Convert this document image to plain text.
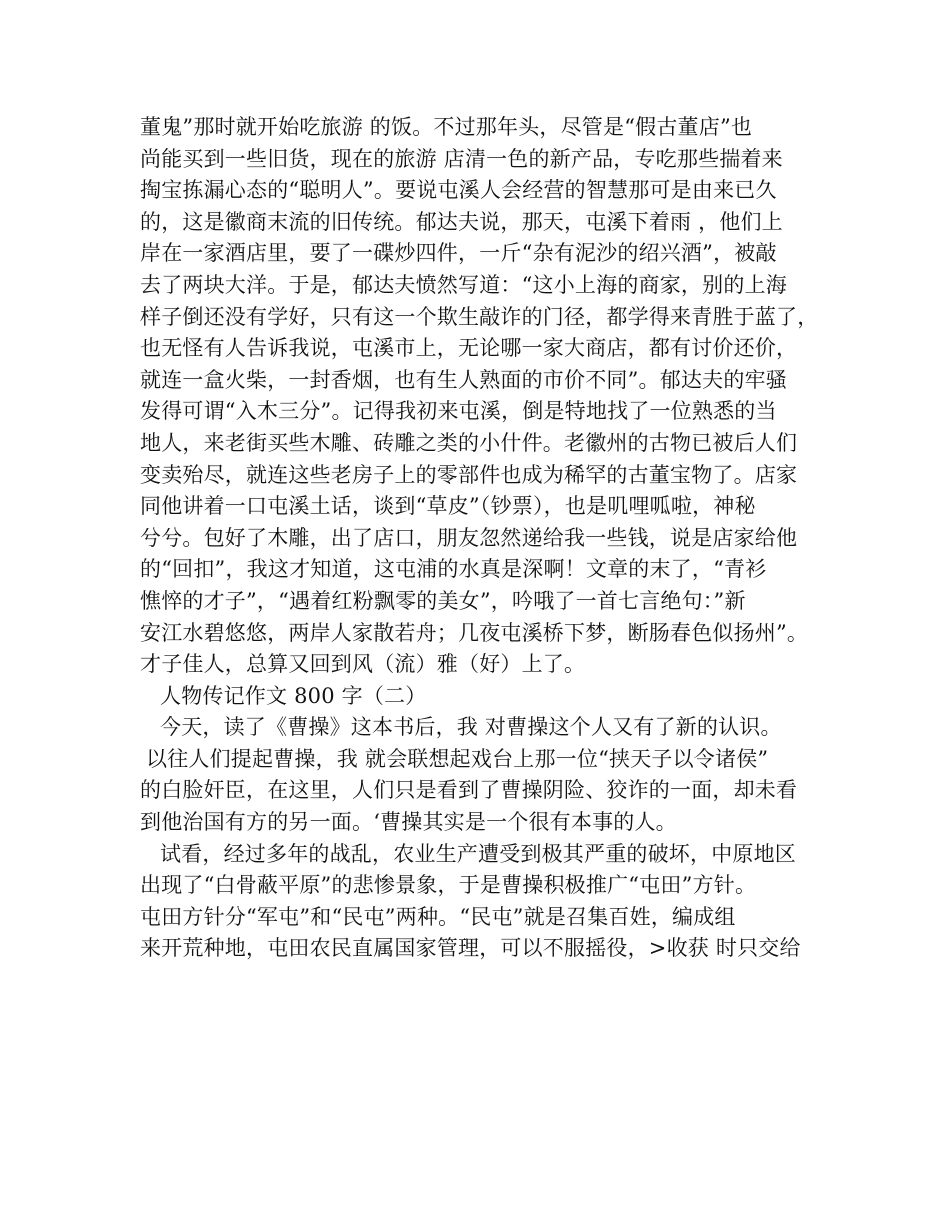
董鬼”那时就开始吃旅游 的饭。不过那年头，尽管是“假古董店”也
尚能买到一些旧货，现在的旅游 店清一色的新产品，专吃那些揣着来
掏宝拣漏心态的“聪明人”。要说屯溪人会经营的智慧那可是由来已久
的，这是徽商末流的旧传统。郁达夫说，那天，屯溪下着雨 ，他们上
岸在一家酒店里，要了一碟炒四件，一斤“杂有泥沙的绍兴酒”，被敲
去了两块大洋。于是，郁达夫愤然写道：“这小上海的商家，别的上海
样子倒还没有学好，只有这一个欺生敲诈的门径，都学得来青胜于蓝了，
也无怪有人告诉我说，屯溪市上，无论哪一家大商店，都有讨价还价，
就连一盒火柴，一封香烟，也有生人熟面的市价不同”。郁达夫的牢骚
发得可谓“入木三分”。记得我初来屯溪，倒是特地找了一位熟悉的当
地人，来老街买些木雕、砖雕之类的小什件。老徽州的古物已被后人们
变卖殆尽，就连这些老房子上的零部件也成为稀罕的古董宝物了。店家
同他讲着一口屯溪土话，谈到“草皮”（钞票），也是叽哩呱啦，神秘
兮兮。包好了木雕，出了店口，朋友忽然递给我一些钱，说是店家给他
的“回扣”，我这才知道，这屯浦的水真是深啊！文章的末了，“青衫
憔悴的才子”，“遇着红粉飘零的美女”，吟哦了一首七言绝句：”新
安江水碧悠悠，两岸人家散若舟；几夜屯溪桥下梦，断肠春色似扬州”。
才子佳人，总算又回到风（流）雅（好）上了。
人物传记作文 800 字（二）
今天，读了《曹操》这本书后，我 对曹操这个人又有了新的认识。
以往人们提起曹操，我 就会联想起戏台上那一位“挟天子以令诸侯”
的白脸奸臣，在这里，人们只是看到了曹操阴险、狡诈的一面，却未看
到他治国有方的另一面。‘曹操其实是一个很有本事的人。
试看，经过多年的战乱，农业生产遭受到极其严重的破坏，中原地区
出现了“白骨蔽平原”的悲惨景象，于是曹操积极推广“屯田”方针。
屯田方针分“军屯”和“民屯”两种。“民屯”就是召集百姓，编成组
来开荒种地，屯田农民直属国家管理，可以不服摇役，>收获 时只交给
